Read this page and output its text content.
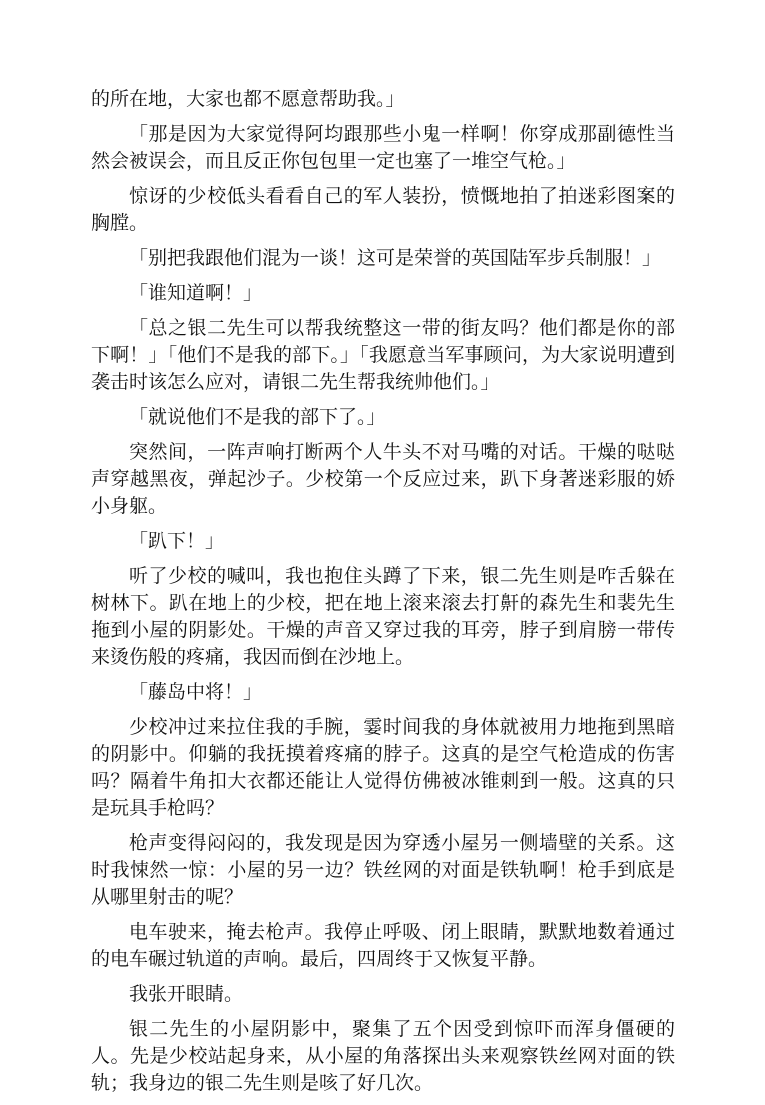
的所在地，大家也都不愿意帮助我。」

「那是因为大家觉得阿均跟那些小鬼一样啊！你穿成那副德性当然会被误会，而且反正你包包里一定也塞了一堆空气枪。」

惊讶的少校低头看看自己的军人装扮，愤慨地拍了拍迷彩图案的胸膛。

「别把我跟他们混为一谈！这可是荣誉的英国陆军步兵制服！」

「谁知道啊！」

「总之银二先生可以帮我统整这一带的街友吗？他们都是你的部下啊！」「他们不是我的部下。」「我愿意当军事顾问，为大家说明遭到袭击时该怎么应对，请银二先生帮我统帅他们。」

「就说他们不是我的部下了。」

突然间，一阵声响打断两个人牛头不对马嘴的对话。干燥的哒哒声穿越黑夜，弹起沙子。少校第一个反应过来，趴下身著迷彩服的娇小身躯。

「趴下！」

听了少校的喊叫，我也抱住头蹲了下来，银二先生则是咋舌躲在树林下。趴在地上的少校，把在地上滚来滚去打鼾的森先生和裴先生拖到小屋的阴影处。干燥的声音又穿过我的耳旁，脖子到肩膀一带传来烫伤般的疼痛，我因而倒在沙地上。

「藤岛中将！」

少校冲过来拉住我的手腕，霎时间我的身体就被用力地拖到黑暗的阴影中。仰躺的我抚摸着疼痛的脖子。这真的是空气枪造成的伤害吗？隔着牛角扣大衣都还能让人觉得仿佛被冰锥刺到一般。这真的只是玩具手枪吗？

枪声变得闷闷的，我发现是因为穿透小屋另一侧墙壁的关系。这时我悚然一惊：小屋的另一边？铁丝网的对面是铁轨啊！枪手到底是从哪里射击的呢？

电车驶来，掩去枪声。我停止呼吸、闭上眼睛，默默地数着通过的电车碾过轨道的声响。最后，四周终于又恢复平静。

我张开眼睛。

银二先生的小屋阴影中，聚集了五个因受到惊吓而浑身僵硬的人。先是少校站起身来，从小屋的角落探出头来观察铁丝网对面的铁轨；我身边的银二先生则是咳了好几次。
